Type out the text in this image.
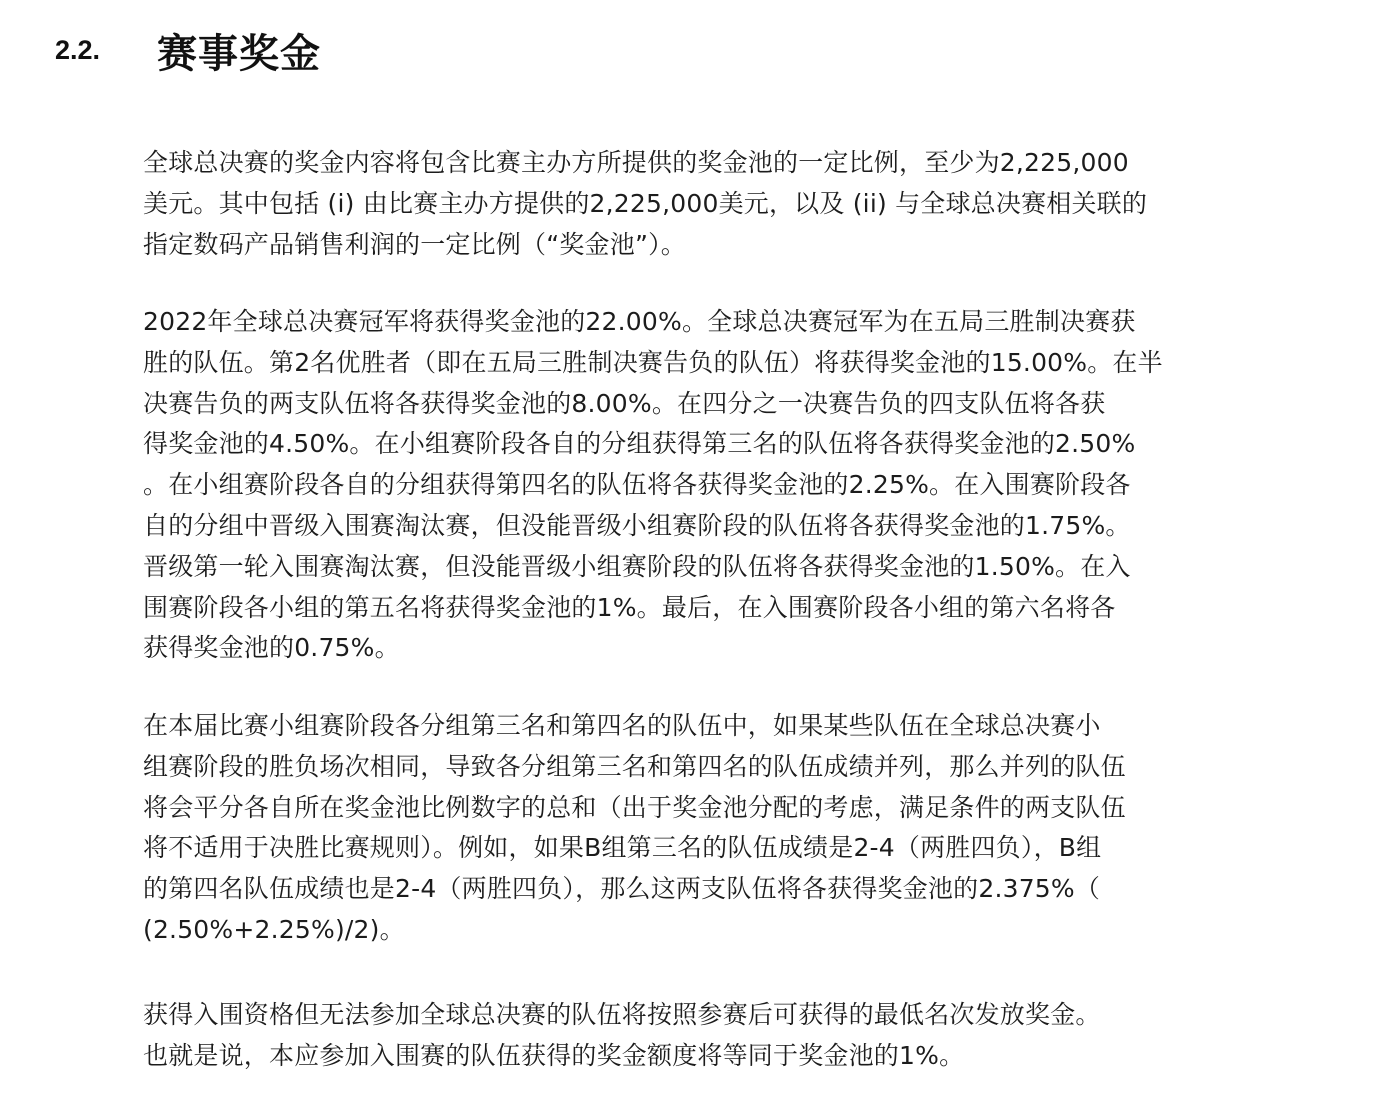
2.2.	赛事奖金
全球总决赛的奖金内容将包含比赛主办方所提供的奖金池的一定比例，至少为2,225,000
美元。其中包括 (i) 由比赛主办方提供的2,225,000美元，以及 (ii) 与全球总决赛相关联的
指定数码产品销售利润的一定比例（“奖金池”）。
2022年全球总决赛冠军将获得奖金池的22.00%。全球总决赛冠军为在五局三胜制决赛获
胜的队伍。第2名优胜者（即在五局三胜制决赛告负的队伍）将获得奖金池的15.00%。在半
决赛告负的两支队伍将各获得奖金池的8.00%。在四分之一决赛告负的四支队伍将各获
得奖金池的4.50%。在小组赛阶段各自的分组获得第三名的队伍将各获得奖金池的2.50%
。在小组赛阶段各自的分组获得第四名的队伍将各获得奖金池的2.25%。在入围赛阶段各
自的分组中晋级入围赛淘汰赛，但没能晋级小组赛阶段的队伍将各获得奖金池的1.75%。
晋级第一轮入围赛淘汰赛，但没能晋级小组赛阶段的队伍将各获得奖金池的1.50%。在入
围赛阶段各小组的第五名将获得奖金池的1%。最后，在入围赛阶段各小组的第六名将各
获得奖金池的0.75%。
在本届比赛小组赛阶段各分组第三名和第四名的队伍中，如果某些队伍在全球总决赛小
组赛阶段的胜负场次相同，导致各分组第三名和第四名的队伍成绩并列，那么并列的队伍
将会平分各自所在奖金池比例数字的总和（出于奖金池分配的考虑，满足条件的两支队伍
将不适用于决胜比赛规则）。例如，如果B组第三名的队伍成绩是2-4（两胜四负），B组
的第四名队伍成绩也是2-4（两胜四负），那么这两支队伍将各获得奖金池的2.375%（
(2.50%+2.25%)/2)。
获得入围资格但无法参加全球总决赛的队伍将按照参赛后可获得的最低名次发放奖金。
也就是说，本应参加入围赛的队伍获得的奖金额度将等同于奖金池的1%。
